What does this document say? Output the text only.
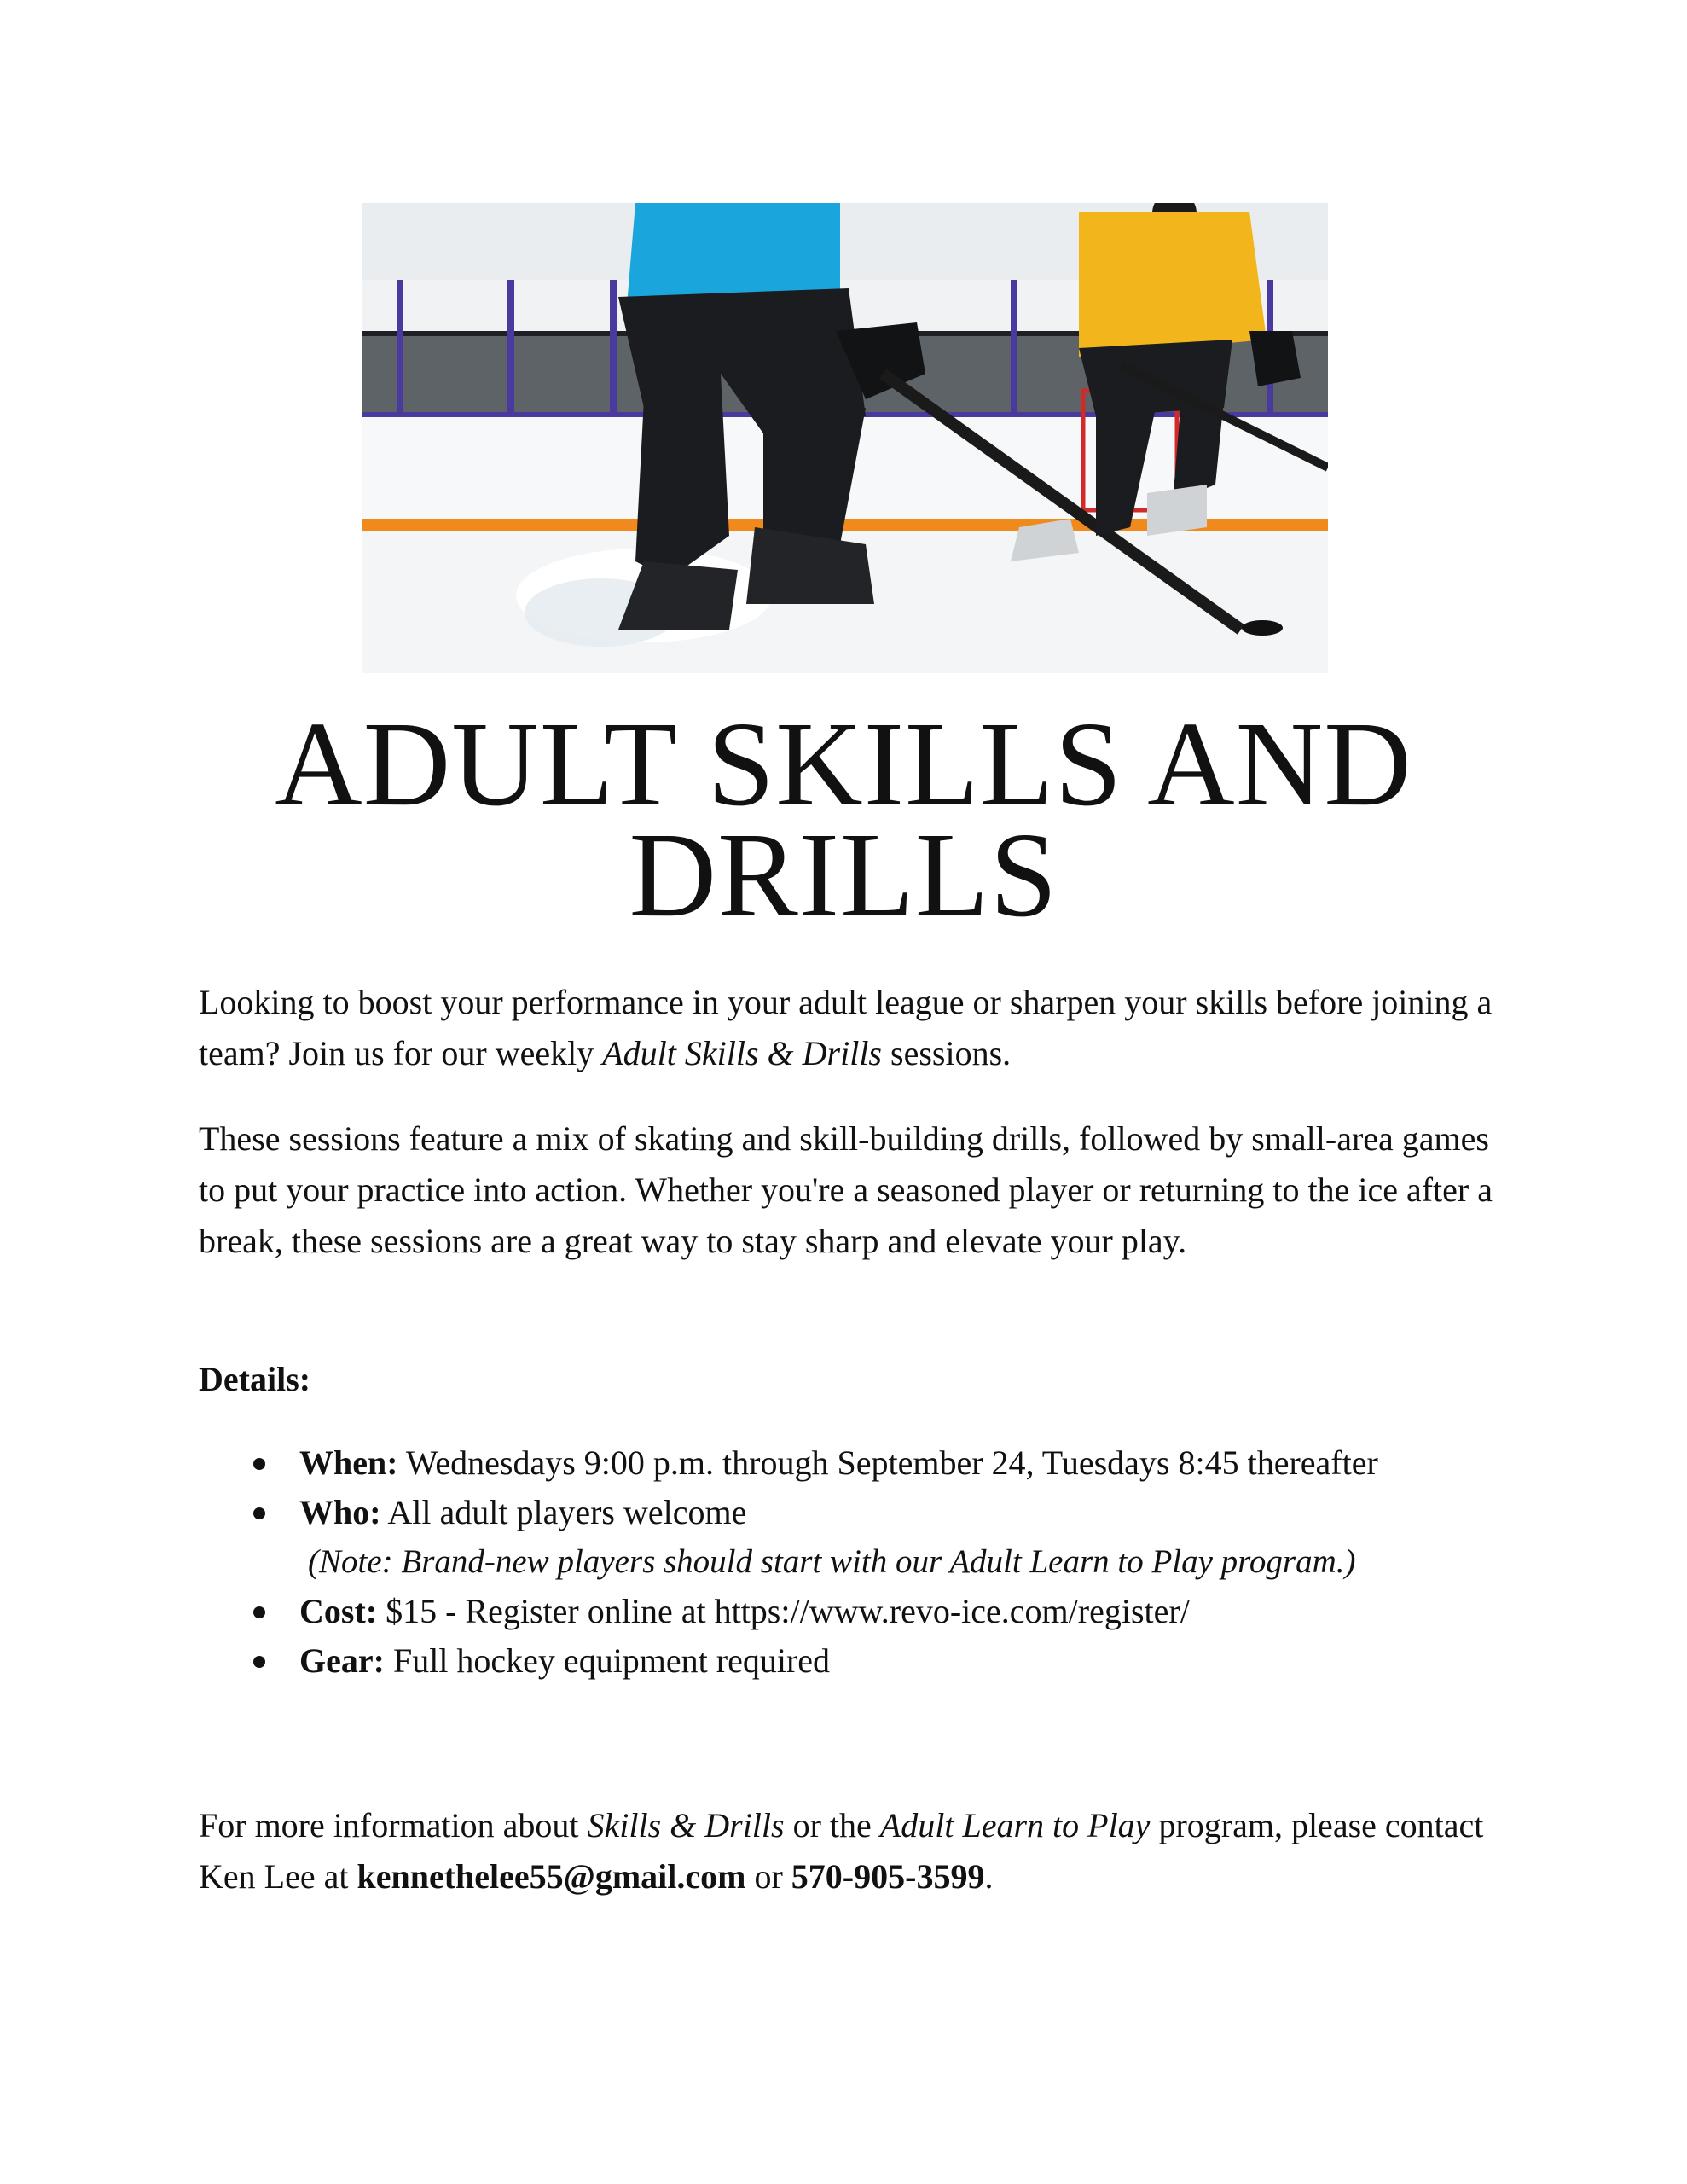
ADULT SKILLS AND
DRILLS

Looking to boost your performance in your adult league or sharpen your skills before joining a team? Join us for our weekly Adult Skills & Drills sessions.

These sessions feature a mix of skating and skill-building drills, followed by small-area games to put your practice into action. Whether you're a seasoned player or returning to the ice after a break, these sessions are a great way to stay sharp and elevate your play.

Details:

When: Wednesdays 9:00 p.m. through September 24, Tuesdays 8:45 thereafter
Who: All adult players welcome
(Note: Brand-new players should start with our Adult Learn to Play program.)
Cost: $15 - Register online at https://www.revo-ice.com/register/
Gear: Full hockey equipment required

For more information about Skills & Drills or the Adult Learn to Play program, please contact Ken Lee at kennethelee55@gmail.com or 570-905-3599.
